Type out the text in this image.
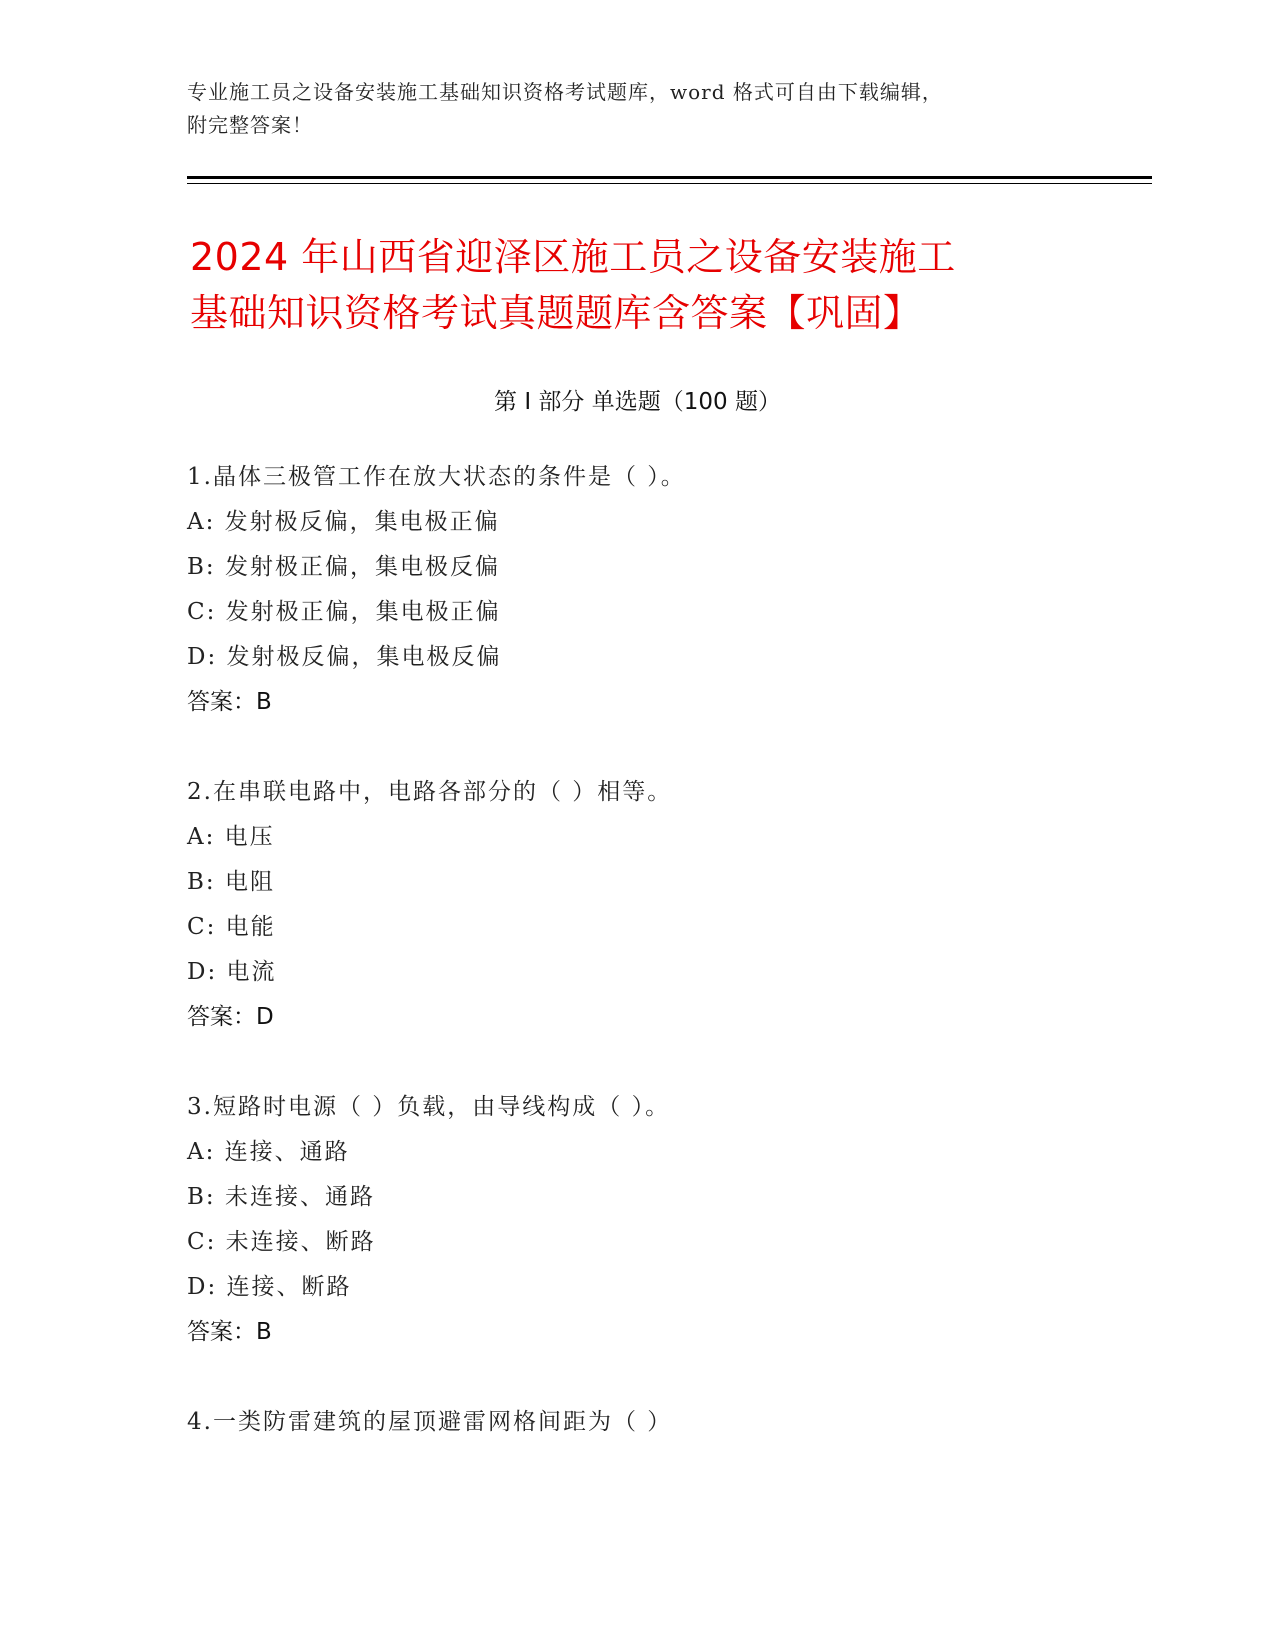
专业施工员之设备安装施工基础知识资格考试题库，word 格式可自由下载编辑，
附完整答案！
2024 年山西省迎泽区施工员之设备安装施工
基础知识资格考试真题题库含答案【巩固】
第 I 部分 单选题（100 题）
1.晶体三极管工作在放大状态的条件是（ ）。
A: 发射极反偏，集电极正偏
B: 发射极正偏，集电极反偏
C: 发射极正偏，集电极正偏
D: 发射极反偏，集电极反偏
答案：B
2.在串联电路中，电路各部分的（ ）相等。
A: 电压
B: 电阻
C: 电能
D: 电流
答案：D
3.短路时电源（ ）负载，由导线构成（ ）。
A: 连接、通路
B: 未连接、通路
C: 未连接、断路
D: 连接、断路
答案：B
4.一类防雷建筑的屋顶避雷网格间距为（ ）
